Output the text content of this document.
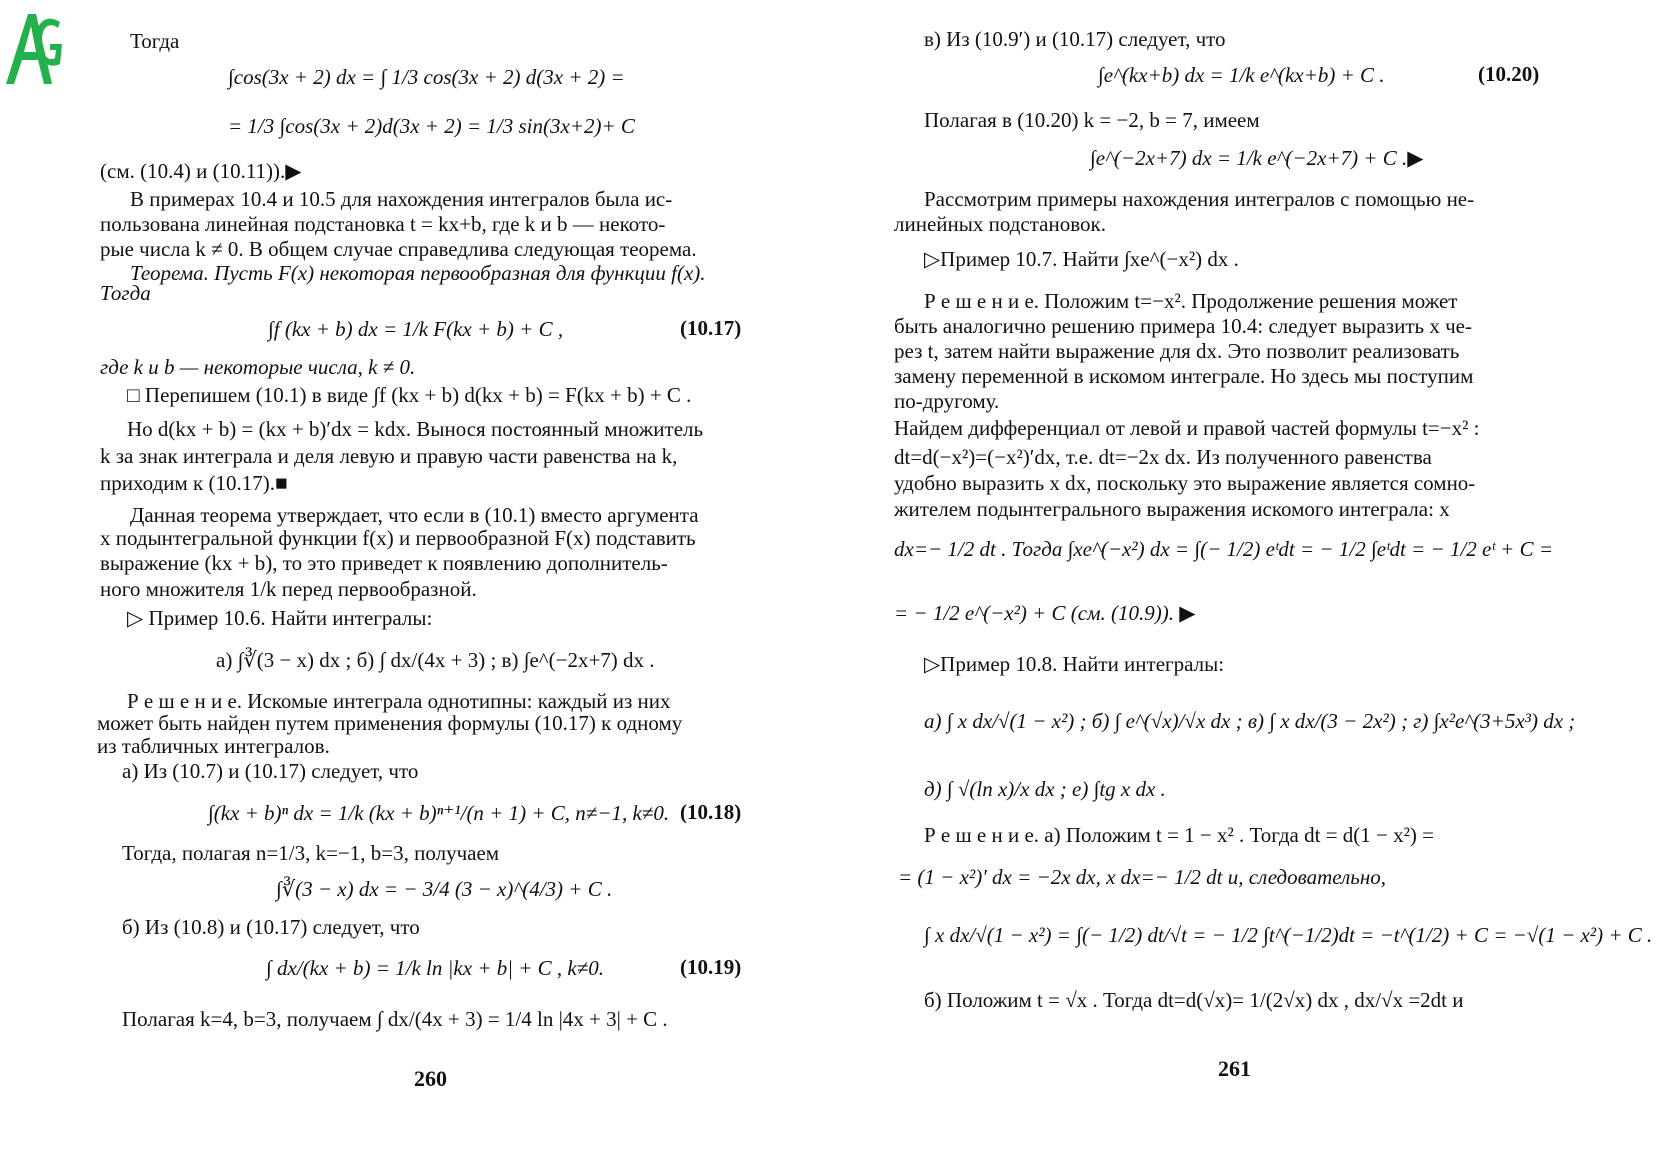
Тогда
∫cos(3x + 2) dx = ∫ 1/3 cos(3x + 2) d(3x + 2) =
= 1/3 ∫cos(3x + 2)d(3x + 2) = 1/3 sin(3x+2)+ C
(см. (10.4) и (10.11)).▶
В примерах 10.4 и 10.5 для нахождения интегралов была ис-
пользована линейная подстановка t = kx+b, где k и b — некото-
рые числа k ≠ 0. В общем случае справедлива следующая теорема.
Теорема. Пусть F(x) некоторая первообразная для функции f(x).
Тогда
∫f (kx + b) dx = 1/k F(kx + b) + C ,	(10.17)
где k и b — некоторые числа, k ≠ 0.
□ Перепишем (10.1) в виде ∫f (kx + b) d(kx + b) = F(kx + b) + C .
Но d(kx + b) = (kx + b)′dx = kdx. Вынося постоянный множитель
k за знак интеграла и деля левую и правую части равенства на k,
приходим к (10.17).■
Данная теорема утверждает, что если в (10.1) вместо аргумента
x подынтегральной функции f(x) и первообразной F(x) подставить
выражение (kx + b), то это приведет к появлению дополнитель-
ного множителя 1/k перед первообразной.
▷ Пример 10.6. Найти интегралы:
а) ∫∛(3 − x) dx ; б) ∫ dx/(4x + 3) ; в) ∫e^(−2x+7) dx .
Р е ш е н и е. Искомые интеграла однотипны: каждый из них
может быть найден путем применения формулы (10.17) к одному
из табличных интегралов.
а) Из (10.7) и (10.17) следует, что
∫(kx + b)ⁿ dx = 1/k (kx + b)ⁿ⁺¹/(n + 1) + C, n≠−1, k≠0. (10.18)
Тогда, полагая n=1/3, k=−1, b=3, получаем
∫∛(3 − x) dx = − 3/4 (3 − x)^(4/3) + C .
б) Из (10.8) и (10.17) следует, что
∫ dx/(kx + b) = 1/k ln |kx + b| + C , k≠0.	(10.19)
Полагая k=4, b=3, получаем ∫ dx/(4x + 3) = 1/4 ln |4x + 3| + C .
260
в) Из (10.9′) и (10.17) следует, что
∫e^(kx+b) dx = 1/k e^(kx+b) + C .	(10.20)
Полагая в (10.20) k = −2, b = 7, имеем
∫e^(−2x+7) dx = 1/k e^(−2x+7) + C .▶
Рассмотрим примеры нахождения интегралов с помощью не-
линейных подстановок.
▷Пример 10.7. Найти ∫xe^(−x²) dx .
Р е ш е н и е. Положим t=−x². Продолжение решения может
быть аналогично решению примера 10.4: следует выразить x че-
рез t, затем найти выражение для dx. Это позволит реализовать
замену переменной в искомом интеграле. Но здесь мы поступим
по-другому.
Найдем дифференциал от левой и правой частей формулы t=−x² :
dt=d(−x²)=(−x²)′dx, т.е. dt=−2x dx. Из полученного равенства
удобно выразить x dx, поскольку это выражение является сомно-
жителем подынтегрального выражения искомого интеграла: x
dx=− 1/2 dt . Тогда ∫xe^(−x²) dx = ∫(− 1/2) eᵗdt = − 1/2 ∫eᵗdt = − 1/2 eᵗ + C =
= − 1/2 e^(−x²) + C (см. (10.9)). ▶
▷Пример 10.8. Найти интегралы:
а) ∫ x dx/√(1 − x²) ; б) ∫ e^(√x)/√x dx ; в) ∫ x dx/(3 − 2x²) ; г) ∫x²e^(3+5x³) dx ;
д) ∫ √(ln x)/x dx ; е) ∫tg x dx .
Р е ш е н и е. а) Положим t = 1 − x² . Тогда dt = d(1 − x²) =
= (1 − x²)′ dx = −2x dx, x dx=− 1/2 dt и, следовательно,
∫ x dx/√(1 − x²) = ∫(− 1/2) dt/√t = − 1/2 ∫t^(−1/2)dt = −t^(1/2) + C = −√(1 − x²) + C .
б) Положим t = √x . Тогда dt=d(√x)= 1/(2√x) dx , dx/√x =2dt и
261
